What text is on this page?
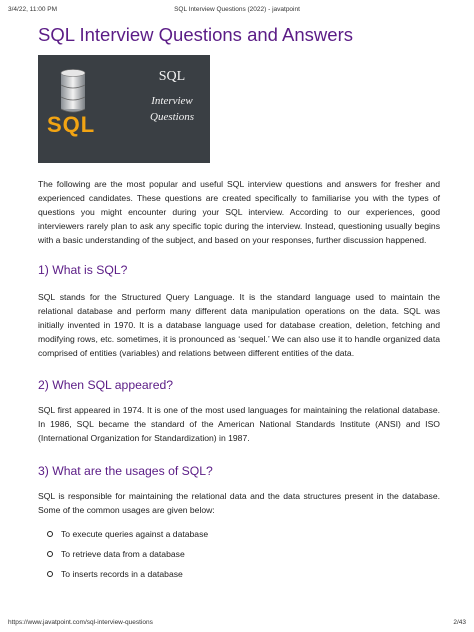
3/4/22, 11:00 PM	SQL Interview Questions (2022) - javatpoint
SQL Interview Questions and Answers
SQL
SQL
Interview
Questions

The following are the most popular and useful SQL interview questions and answers for fresher and experienced candidates. These questions are created specifically to familiarise you with the types of questions you might encounter during your SQL interview. According to our experiences, good interviewers rarely plan to ask any specific topic during the interview. Instead, questioning usually begins with a basic understanding of the subject, and based on your responses, further discussion happened.

1) What is SQL?

SQL stands for the Structured Query Language. It is the standard language used to maintain the relational database and perform many different data manipulation operations on the data. SQL was initially invented in 1970. It is a database language used for database creation, deletion, fetching and modifying rows, etc. sometimes, it is pronounced as ‘sequel.’ We can also use it to handle organized data comprised of entities (variables) and relations between different entities of the data.

2) When SQL appeared?

SQL first appeared in 1974. It is one of the most used languages for maintaining the relational database. In 1986, SQL became the standard of the American National Standards Institute (ANSI) and ISO (International Organization for Standardization) in 1987.

3) What are the usages of SQL?

SQL is responsible for maintaining the relational data and the data structures present in the database. Some of the common usages are given below:

To execute queries against a database
To retrieve data from a database
To inserts records in a database
https://www.javatpoint.com/sql-interview-questions	2/43
